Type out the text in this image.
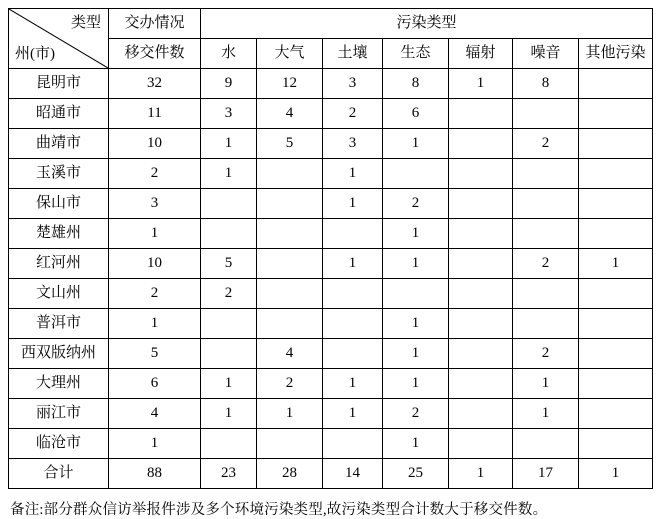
类型
州(市)	交办情况	污染类型						
	移交件数	水	大气	土壤	生态	辐射	噪音	其他污染
昆明市	32	9	12	3	8	1	8	
昭通市	11	3	4	2	6			
曲靖市	10	1	5	3	1		2	
玉溪市	2	1		1				
保山市	3			1	2			
楚雄州	1				1			
红河州	10	5		1	1		2	1
文山州	2	2						
普洱市	1				1			
西双版纳州	5		4		1		2	
大理州	6	1	2	1	1		1	
丽江市	4	1	1	1	2		1	
临沧市	1				1			
合计	88	23	28	14	25	1	17	1
备注:部分群众信访举报件涉及多个环境污染类型,故污染类型合计数大于移交件数。
